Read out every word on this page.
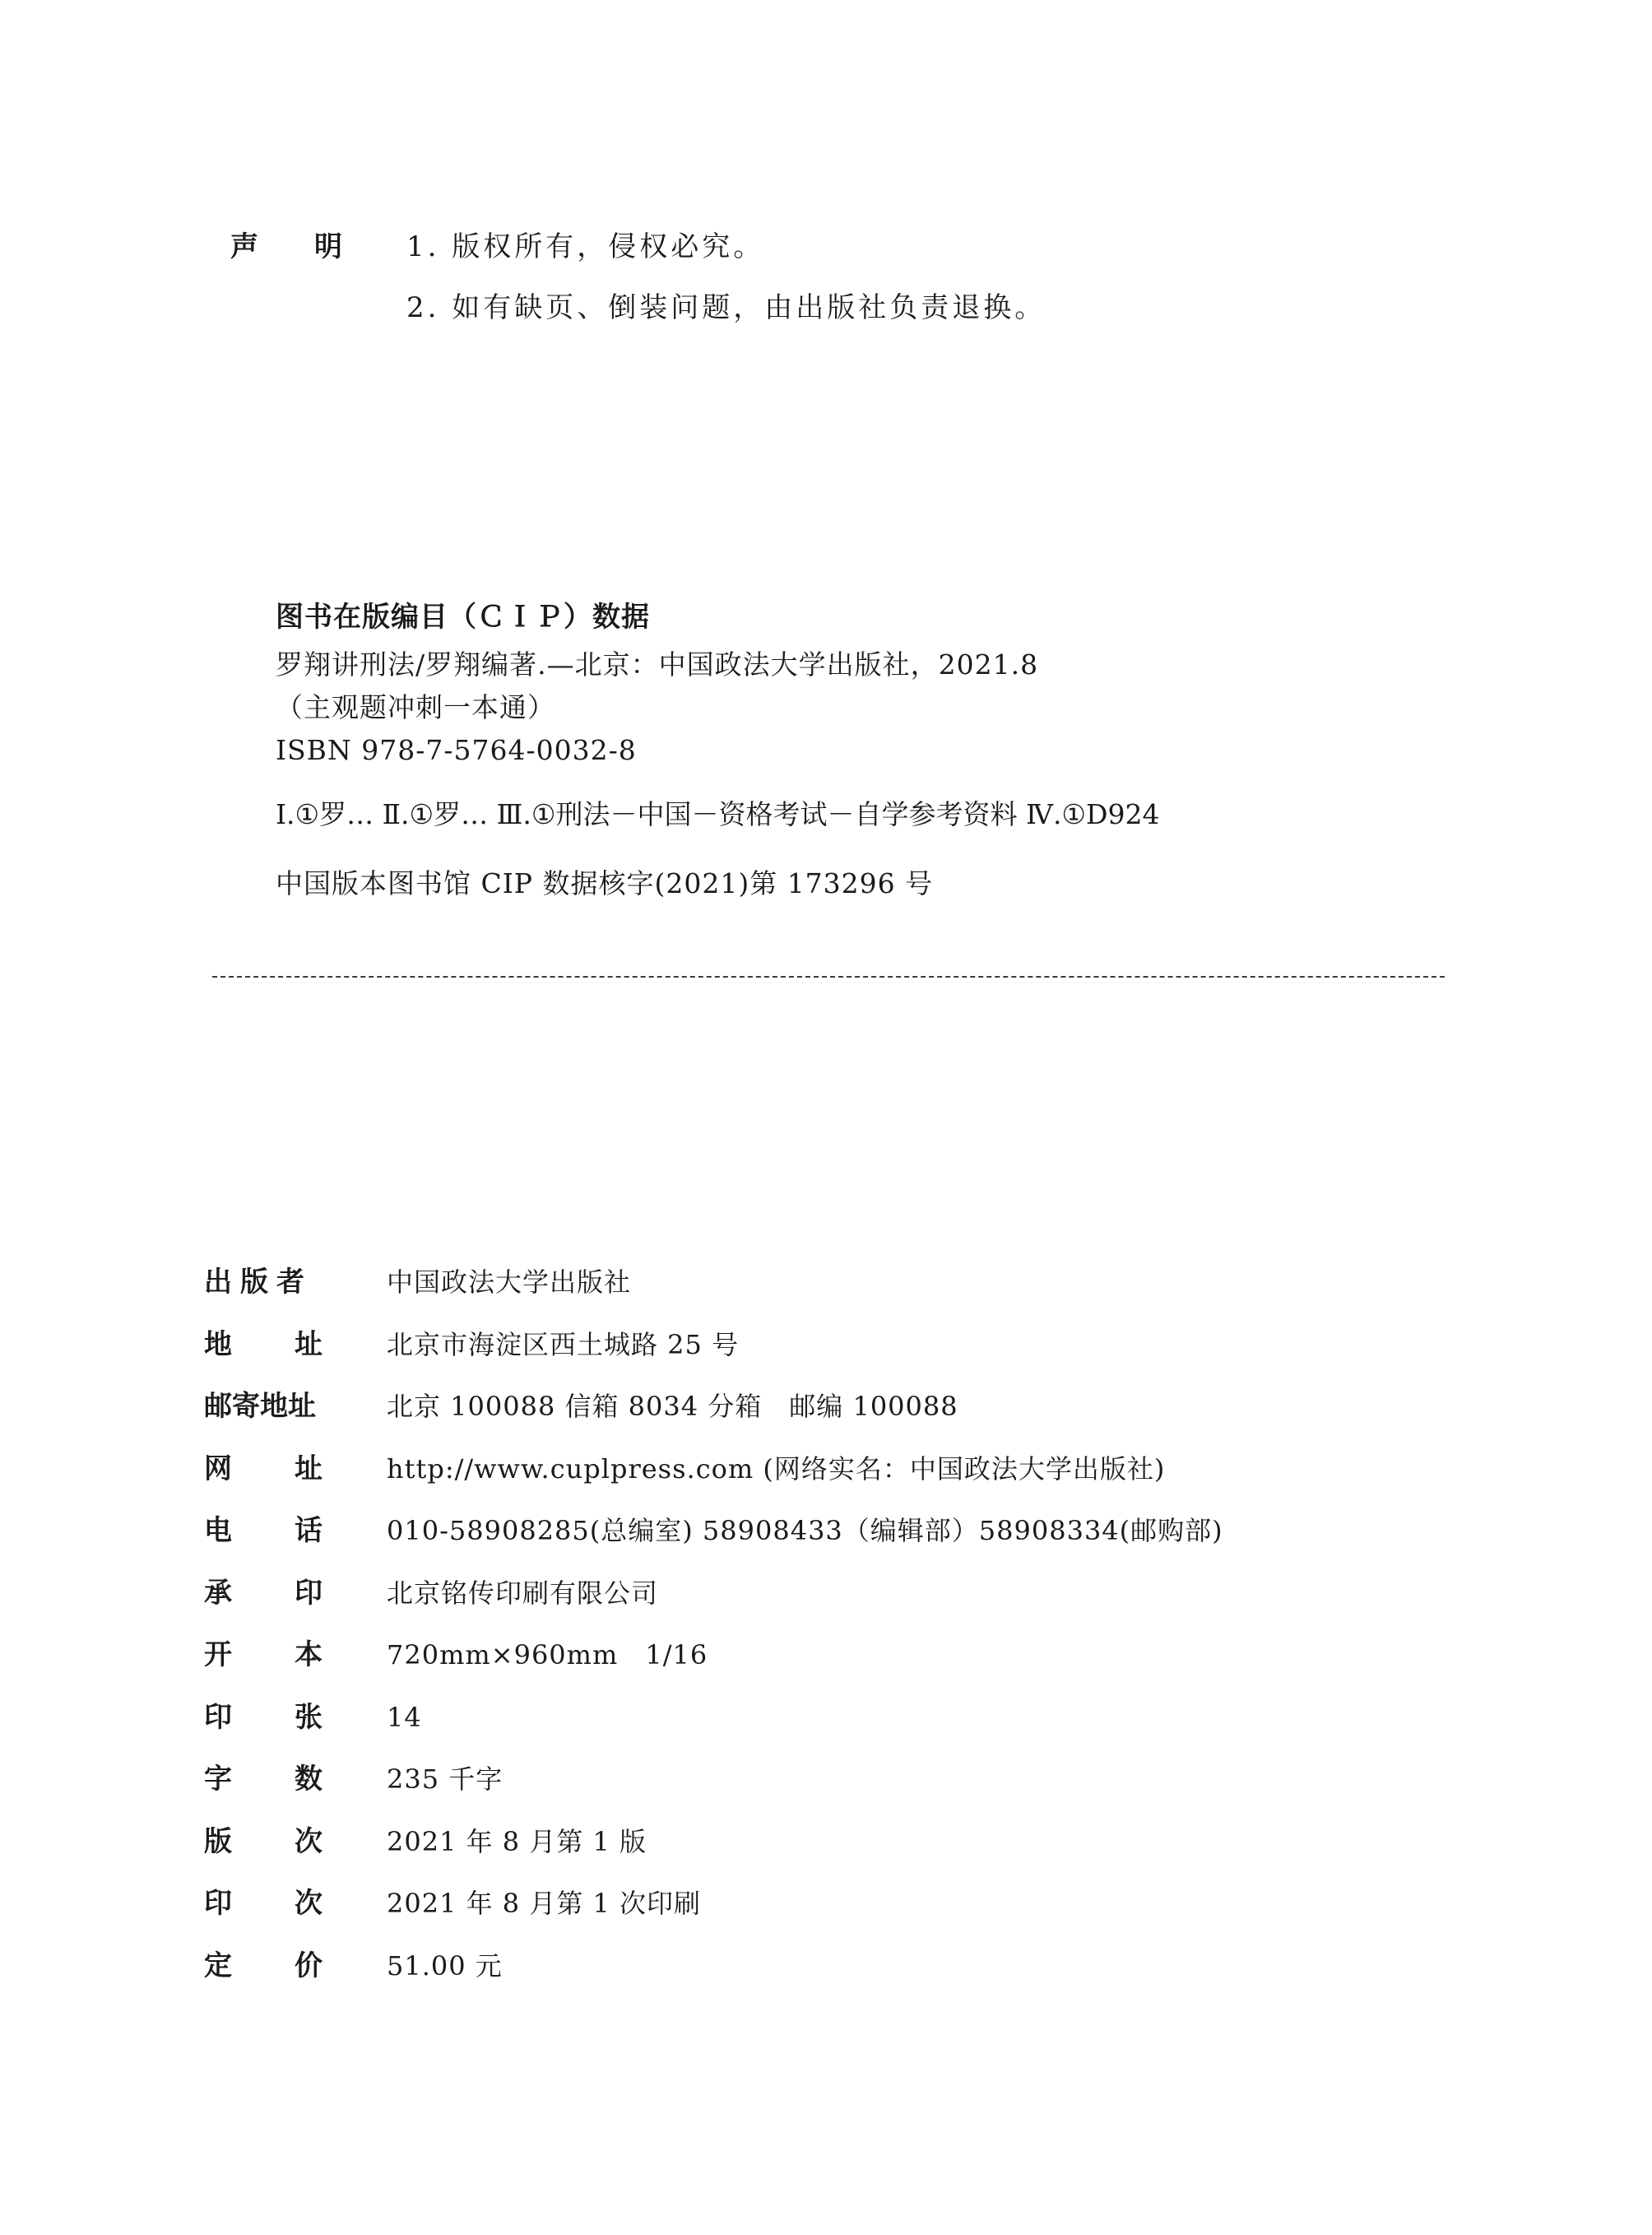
声明 1. 版权所有，侵权必究。
2. 如有缺页、倒装问题，由出版社负责退换。
图书在版编目（ＣＩＰ）数据
罗翔讲刑法/罗翔编著.—北京：中国政法大学出版社，2021.8
（主观题冲刺一本通）
ISBN 978-7-5764-0032-8
Ⅰ.①罗… Ⅱ.①罗… Ⅲ.①刑法－中国－资格考试－自学参考资料 Ⅳ.①D924
中国版本图书馆 CIP 数据核字(2021)第 173296 号
出版者	中国政法大学出版社
地址 北京市海淀区西土城路 25 号
邮寄地址	北京 100088 信箱 8034 分箱　邮编 100088
网址 http://www.cuplpress.com (网络实名：中国政法大学出版社)
电话 010-58908285(总编室) 58908433（编辑部）58908334(邮购部)
承印 北京铭传印刷有限公司
开本 720mm×960mm　1/16
印张 14
字数 235 千字
版次 2021 年 8 月第 1 版
印次 2021 年 8 月第 1 次印刷
定价 51.00 元
